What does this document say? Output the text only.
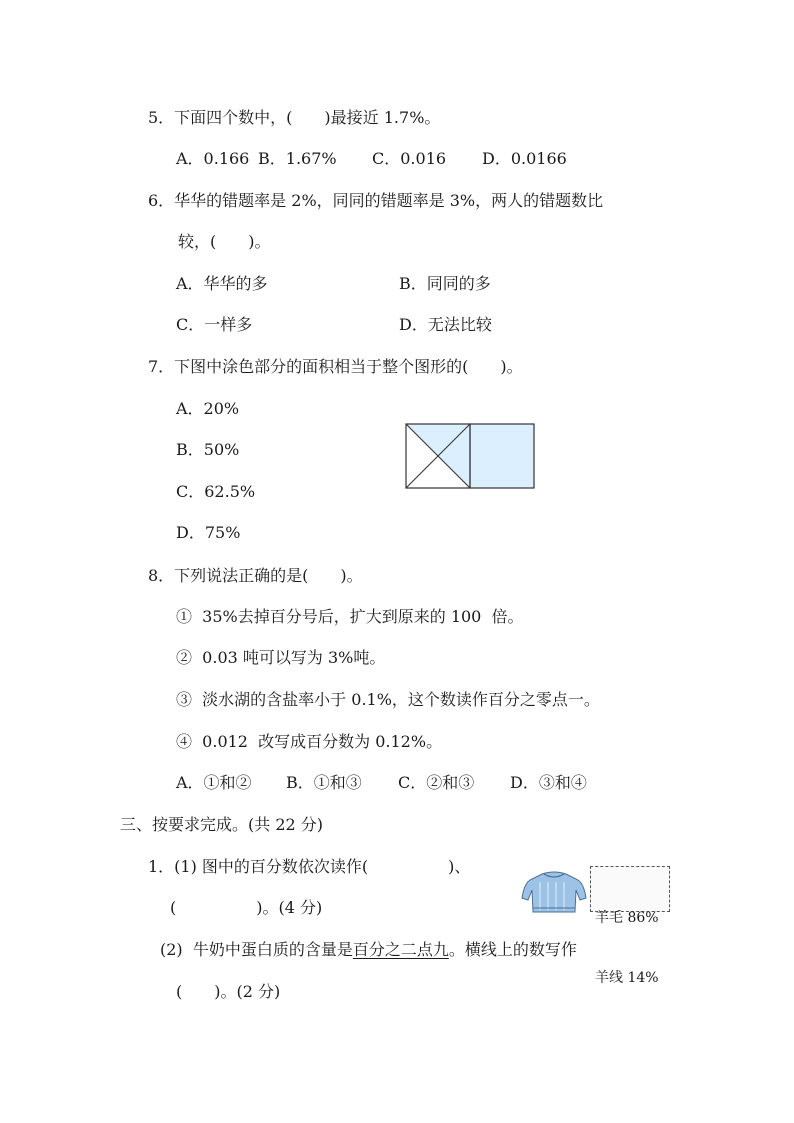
5．下面四个数中，(　　)最接近 1.7%。
A．0.166 B．1.67% C．0.016 D．0.0166
6．华华的错题率是 2%，同同的错题率是 3%，两人的错题数比
较，(　　)。
A．华华的多	B．同同的多
C．一样多	D．无法比较
7．下图中涂色部分的面积相当于整个图形的(　　)。
A．20%
B．50%
C．62.5%
D．75%
8．下列说法正确的是(　　)。
①  35%去掉百分号后，扩大到原来的 100  倍。
②  0.03 吨可以写为 3%吨。
③  淡水湖的含盐率小于 0.1%，这个数读作百分之零点一。
④  0.012  改写成百分数为 0.12%。
A．①和② B．①和③ C．②和③ D．③和④
三、按要求完成。(共 22 分)
1．(1) 图中的百分数依次读作(　　　　　)、
(　　　　　)。(4 分)

羊毛 86%

羊线 14%

(2)  牛奶中蛋白质的含量是百分之二点九。横线上的数写作
(　　)。(2 分)
